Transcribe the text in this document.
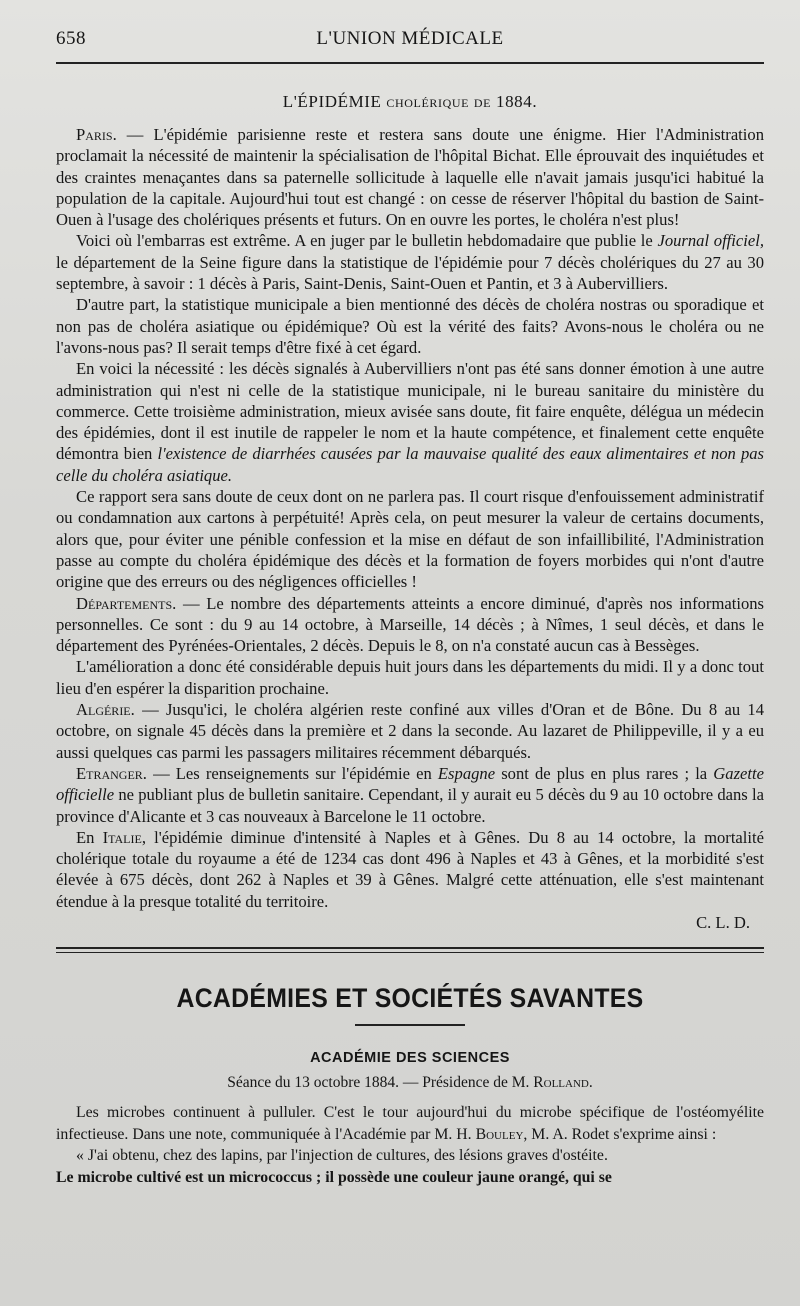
658	L'UNION MÉDICALE
L'ÉPIDÉMIE cholérique de 1884.

Paris. — L'épidémie parisienne reste et restera sans doute une énigme. Hier l'Administration proclamait la nécessité de maintenir la spécialisation de l'hôpital Bichat. Elle éprouvait des inquiétudes et des craintes menaçantes dans sa paternelle sollicitude à laquelle elle n'avait jamais jusqu'ici habitué la population de la capitale. Aujourd'hui tout est changé : on cesse de réserver l'hôpital du bastion de Saint-Ouen à l'usage des cholériques présents et futurs. On en ouvre les portes, le choléra n'est plus!

Voici où l'embarras est extrême. A en juger par le bulletin hebdomadaire que publie le Journal officiel, le département de la Seine figure dans la statistique de l'épidémie pour 7 décès cholériques du 27 au 30 septembre, à savoir : 1 décès à Paris, Saint-Denis, Saint-Ouen et Pantin, et 3 à Aubervilliers.

D'autre part, la statistique municipale a bien mentionné des décès de choléra nostras ou sporadique et non pas de choléra asiatique ou épidémique? Où est la vérité des faits? Avons-nous le choléra ou ne l'avons-nous pas? Il serait temps d'être fixé à cet égard.

En voici la nécessité : les décès signalés à Aubervilliers n'ont pas été sans donner émotion à une autre administration qui n'est ni celle de la statistique municipale, ni le bureau sanitaire du ministère du commerce. Cette troisième administration, mieux avisée sans doute, fit faire enquête, délégua un médecin des épidémies, dont il est inutile de rappeler le nom et la haute compétence, et finalement cette enquête démontra bien l'existence de diarrhées causées par la mauvaise qualité des eaux alimentaires et non pas celle du choléra asiatique.

Ce rapport sera sans doute de ceux dont on ne parlera pas. Il court risque d'enfouissement administratif ou condamnation aux cartons à perpétuité! Après cela, on peut mesurer la valeur de certains documents, alors que, pour éviter une pénible confession et la mise en défaut de son infaillibilité, l'Administration passe au compte du choléra épidémique des décès et la formation de foyers morbides qui n'ont d'autre origine que des erreurs ou des négligences officielles !

Départements. — Le nombre des départements atteints a encore diminué, d'après nos informations personnelles. Ce sont : du 9 au 14 octobre, à Marseille, 14 décès ; à Nîmes, 1 seul décès, et dans le département des Pyrénées-Orientales, 2 décès. Depuis le 8, on n'a constaté aucun cas à Bessèges.

L'amélioration a donc été considérable depuis huit jours dans les départements du midi. Il y a donc tout lieu d'en espérer la disparition prochaine.

Algérie. — Jusqu'ici, le choléra algérien reste confiné aux villes d'Oran et de Bône. Du 8 au 14 octobre, on signale 45 décès dans la première et 2 dans la seconde. Au lazaret de Philippeville, il y a eu aussi quelques cas parmi les passagers militaires récemment débarqués.

Etranger. — Les renseignements sur l'épidémie en Espagne sont de plus en plus rares ; la Gazette officielle ne publiant plus de bulletin sanitaire. Cependant, il y aurait eu 5 décès du 9 au 10 octobre dans la province d'Alicante et 3 cas nouveaux à Barcelone le 11 octobre.

En Italie, l'épidémie diminue d'intensité à Naples et à Gênes. Du 8 au 14 octobre, la mortalité cholérique totale du royaume a été de 1234 cas dont 496 à Naples et 43 à Gênes, et la morbidité s'est élevée à 675 décès, dont 262 à Naples et 39 à Gênes. Malgré cette atténuation, elle s'est maintenant étendue à la presque totalité du territoire.

C. L. D.
ACADÉMIES ET SOCIÉTÉS SAVANTES
ACADÉMIE DES SCIENCES
Séance du 13 octobre 1884. — Présidence de M. Rolland.

Les microbes continuent à pulluler. C'est le tour aujourd'hui du microbe spécifique de l'ostéomyélite infectieuse. Dans une note, communiquée à l'Académie par M. H. Bouley, M. A. Rodet s'exprime ainsi :

« J'ai obtenu, chez des lapins, par l'injection de cultures, des lésions graves d'ostéite.

Le microbe cultivé est un micrococcus ; il possède une couleur jaune orangé, qui se
